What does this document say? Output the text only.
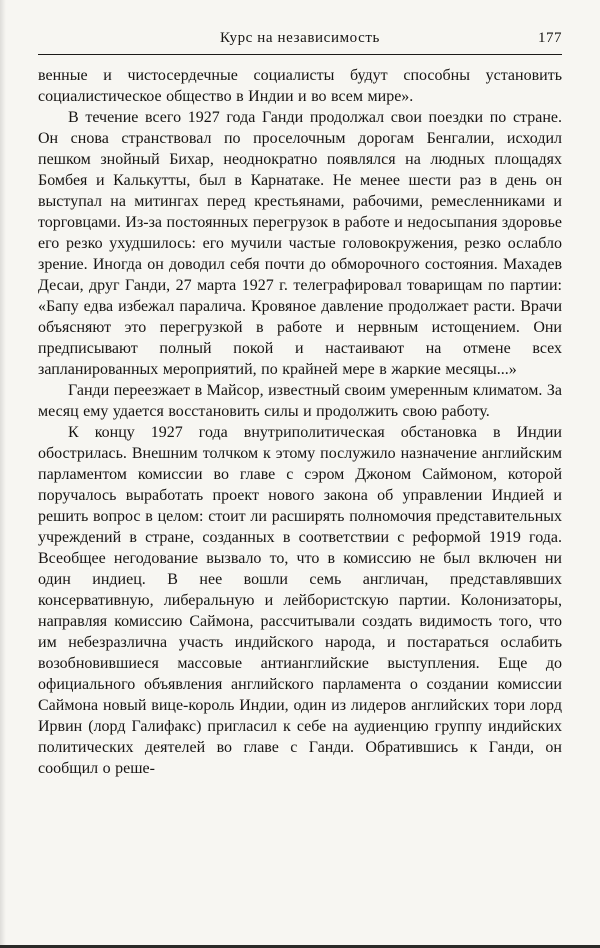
Курс на независимость	177

венные и чистосердечные социалисты будут способны установить социалистическое общество в Индии и во всем мире».

В течение всего 1927 года Ганди продолжал свои поездки по стране. Он снова странствовал по проселочным дорогам Бенгалии, исходил пешком знойный Бихар, неоднократно появлялся на людных площадях Бомбея и Калькутты, был в Карнатаке. Не менее шести раз в день он выступал на митингах перед крестьянами, рабочими, ремесленниками и торговцами. Из-за постоянных перегрузок в работе и недосыпания здоровье его резко ухудшилось: его мучили частые головокружения, резко ослабло зрение. Иногда он доводил себя почти до обморочного состояния. Махадев Десаи, друг Ганди, 27 марта 1927 г. телеграфировал товарищам по партии: «Бапу едва избежал паралича. Кровяное давление продолжает расти. Врачи объясняют это перегрузкой в работе и нервным истощением. Они предписывают полный покой и настаивают на отмене всех запланированных мероприятий, по крайней мере в жаркие месяцы...»

Ганди переезжает в Майсор, известный своим умеренным климатом. За месяц ему удается восстановить силы и продолжить свою работу.

К концу 1927 года внутриполитическая обстановка в Индии обострилась. Внешним толчком к этому послужило назначение английским парламентом комиссии во главе с сэром Джоном Саймоном, которой поручалось выработать проект нового закона об управлении Индией и решить вопрос в целом: стоит ли расширять полномочия представительных учреждений в стране, созданных в соответствии с реформой 1919 года. Всеобщее негодование вызвало то, что в комиссию не был включен ни один индиец. В нее вошли семь англичан, представлявших консервативную, либеральную и лейбористскую партии. Колонизаторы, направляя комиссию Саймона, рассчитывали создать видимость того, что им небезразлична участь индийского народа, и постараться ослабить возобновившиеся массовые антианглийские выступления. Еще до официального объявления английского парламента о создании комиссии Саймона новый вице-король Индии, один из лидеров английских тори лорд Ирвин (лорд Галифакс) пригласил к себе на аудиенцию группу индийских политических деятелей во главе с Ганди. Обратившись к Ганди, он сообщил о реше-
